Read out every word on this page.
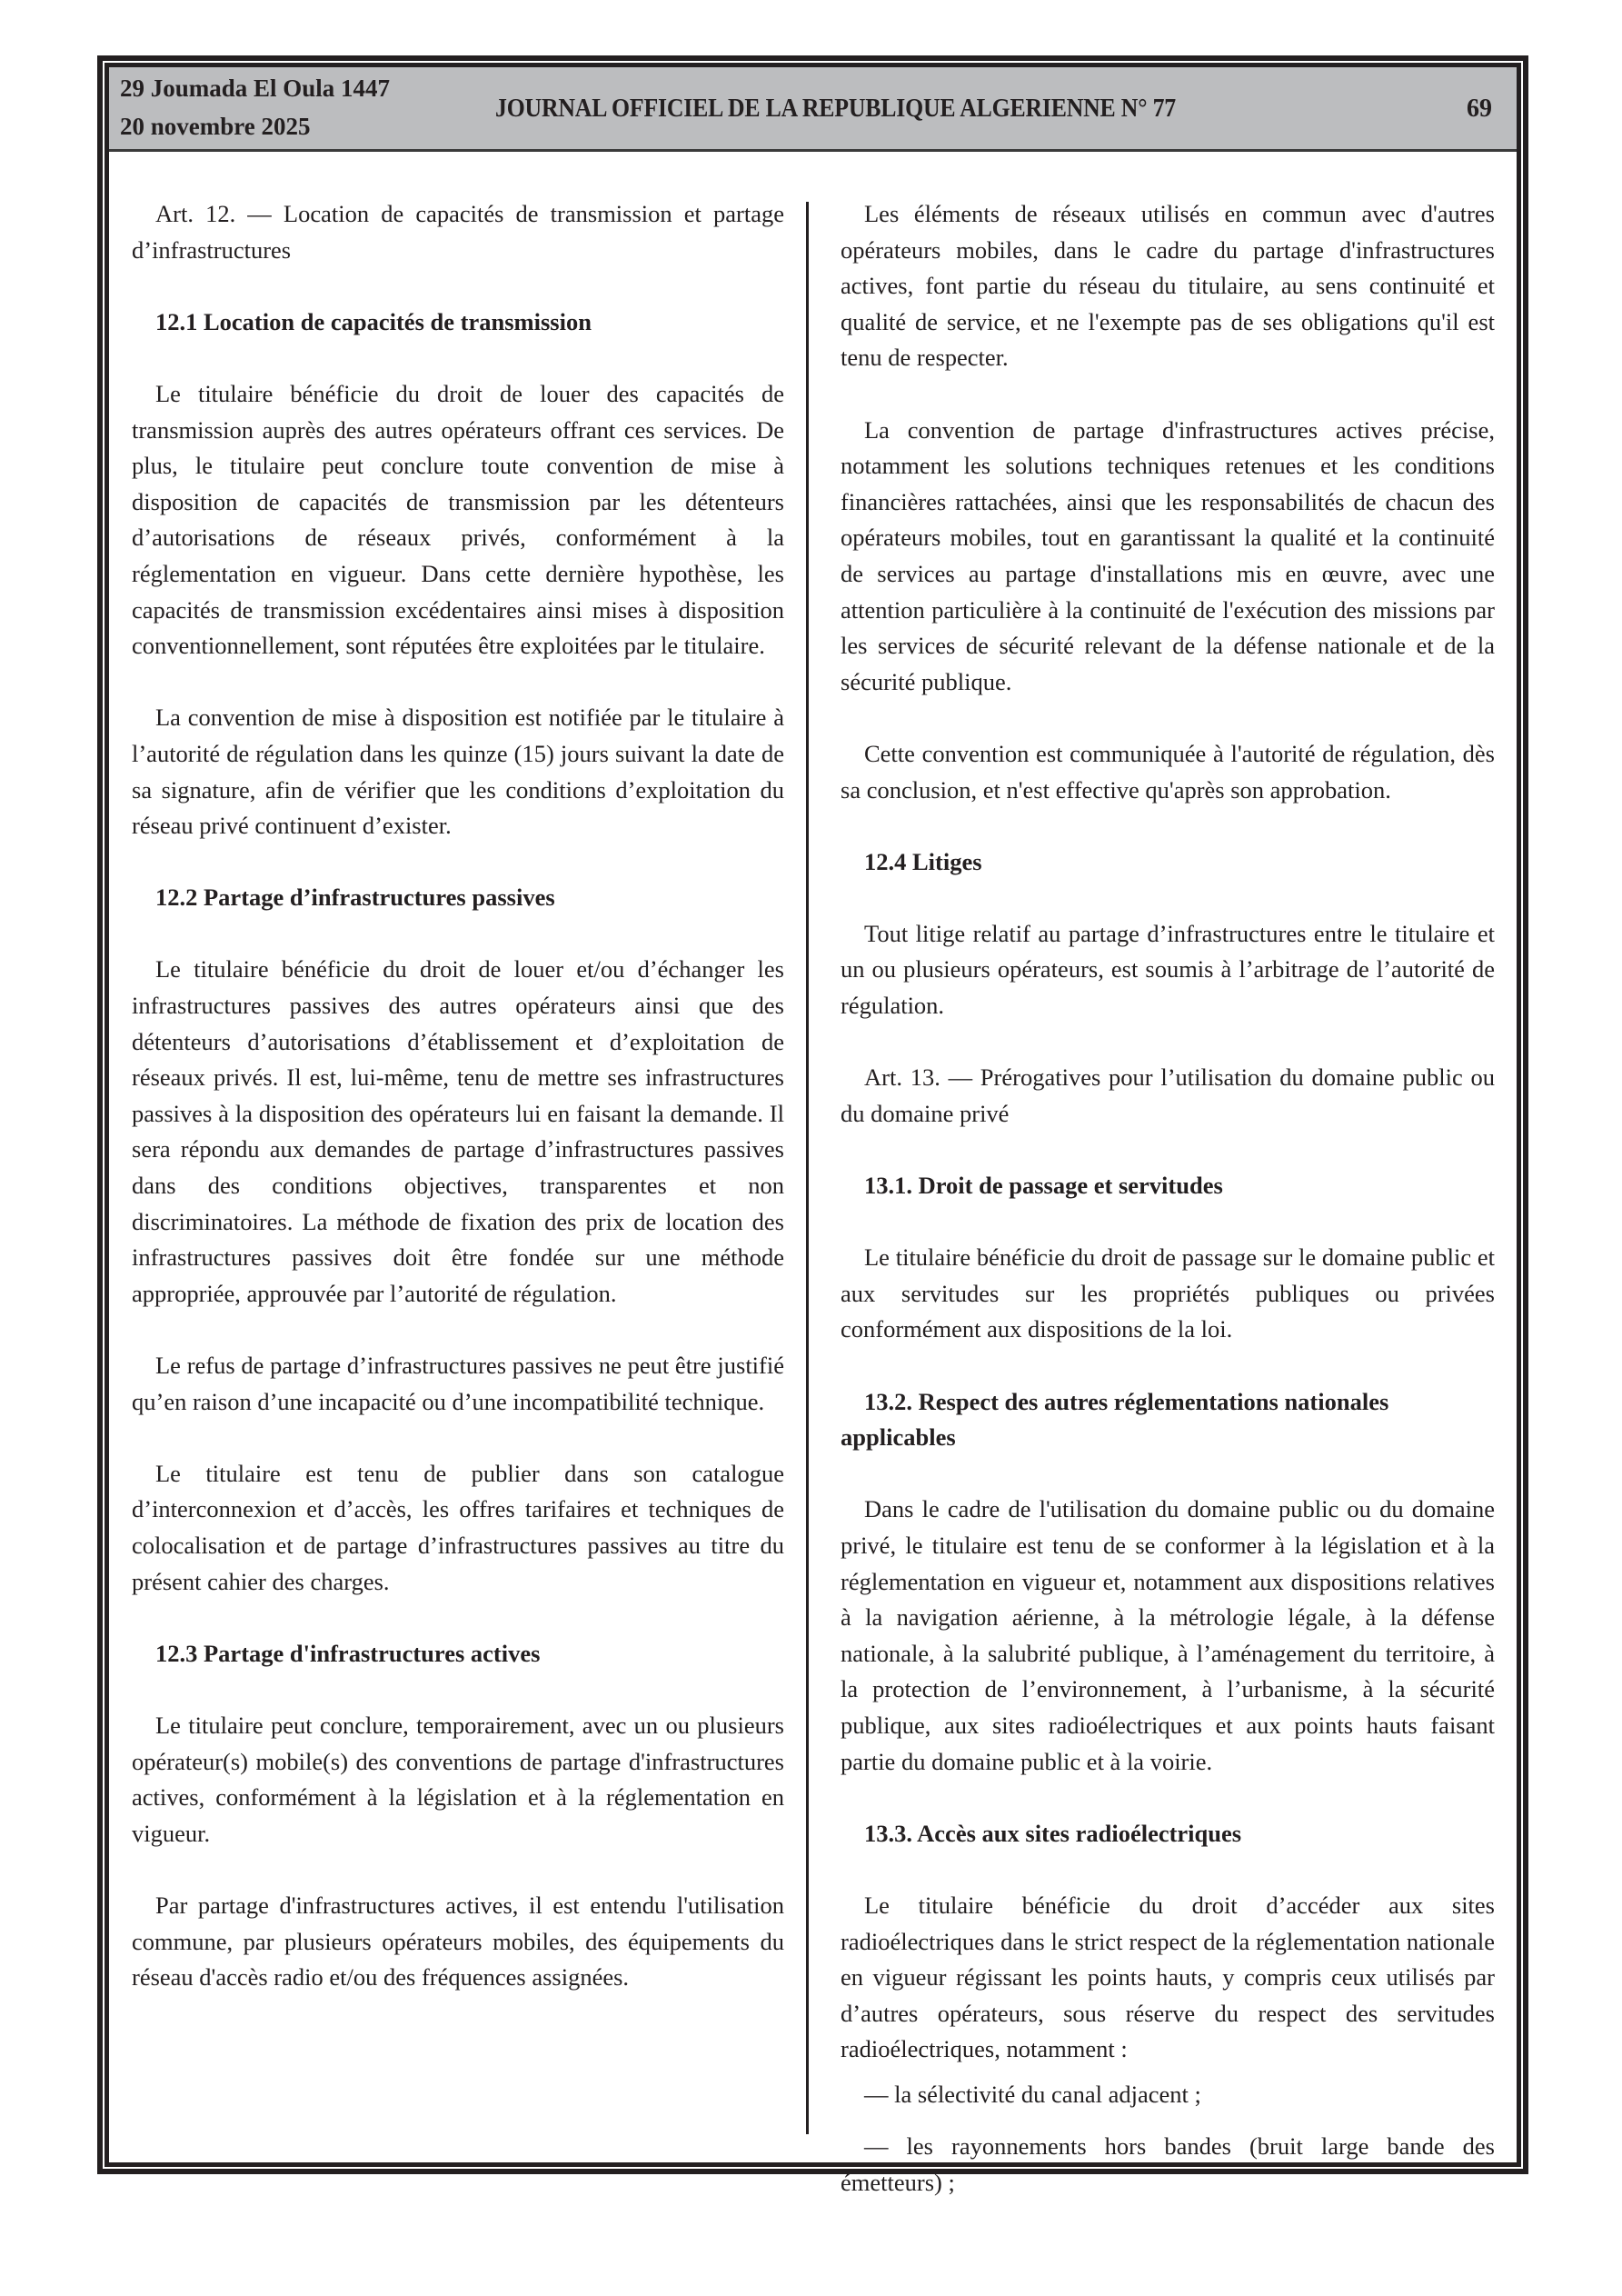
29 Joumada El Oula 1447
20 novembre 2025
JOURNAL OFFICIEL DE LA REPUBLIQUE ALGERIENNE N° 77	69

Art. 12. — Location de capacités de transmission et partage d’infrastructures

12.1 Location de capacités de transmission

Le titulaire bénéficie du droit de louer des capacités de transmission auprès des autres opérateurs offrant ces services. De plus, le titulaire peut conclure toute convention de mise à disposition de capacités de transmission par les détenteurs d’autorisations de réseaux privés, conformément à la réglementation en vigueur. Dans cette dernière hypothèse, les capacités de transmission excédentaires ainsi mises à disposition conventionnellement, sont réputées être exploitées par le titulaire.

La convention de mise à disposition est notifiée par le titulaire à l’autorité de régulation dans les quinze (15) jours suivant la date de sa signature, afin de vérifier que les conditions d’exploitation du réseau privé continuent d’exister.

12.2 Partage d’infrastructures passives

Le titulaire bénéficie du droit de louer et/ou d’échanger les infrastructures passives des autres opérateurs ainsi que des détenteurs d’autorisations d’établissement et d’exploitation de réseaux privés. Il est, lui-même, tenu de mettre ses infrastructures passives à la disposition des opérateurs lui en faisant la demande. Il sera répondu aux demandes de partage d’infrastructures passives dans des conditions objectives, transparentes et non discriminatoires. La méthode de fixation des prix de location des infrastructures passives doit être fondée sur une méthode appropriée, approuvée par l’autorité de régulation.

Le refus de partage d’infrastructures passives ne peut être justifié qu’en raison d’une incapacité ou d’une incompatibilité technique.

Le titulaire est tenu de publier dans son catalogue d’interconnexion et d’accès, les offres tarifaires et techniques de colocalisation et de partage d’infrastructures passives au titre du présent cahier des charges.

12.3 Partage d'infrastructures actives

Le titulaire peut conclure, temporairement, avec un ou plusieurs opérateur(s) mobile(s) des conventions de partage d'infrastructures actives, conformément à la législation et à la réglementation en vigueur.

Par partage d'infrastructures actives, il est entendu l'utilisation commune, par plusieurs opérateurs mobiles, des équipements du réseau d'accès radio et/ou des fréquences assignées.

Les éléments de réseaux utilisés en commun avec d'autres opérateurs mobiles, dans le cadre du partage d'infrastructures actives, font partie du réseau du titulaire, au sens continuité et qualité de service, et ne l'exempte pas de ses obligations qu'il est tenu de respecter.

La convention de partage d'infrastructures actives précise, notamment les solutions techniques retenues et les conditions financières rattachées, ainsi que les responsabilités de chacun des opérateurs mobiles, tout en garantissant la qualité et la continuité de services au partage d'installations mis en œuvre, avec une attention particulière à la continuité de l'exécution des missions par les services de sécurité relevant de la défense nationale et de la sécurité publique.

Cette convention est communiquée à l'autorité de régulation, dès sa conclusion, et n'est effective qu'après son approbation.

12.4 Litiges

Tout litige relatif au partage d’infrastructures entre le titulaire et un ou plusieurs opérateurs, est soumis à l’arbitrage de l’autorité de régulation.

Art. 13. — Prérogatives pour l’utilisation du domaine public ou du domaine privé

13.1. Droit de passage et servitudes

Le titulaire bénéficie du droit de passage sur le domaine public et aux servitudes sur les propriétés publiques ou privées conformément aux dispositions de la loi.

13.2. Respect des autres réglementations nationales applicables

Dans le cadre de l'utilisation du domaine public ou du domaine privé, le titulaire est tenu de se conformer à la législation et à la réglementation en vigueur et, notamment aux dispositions relatives à la navigation aérienne, à la métrologie légale, à la défense nationale, à la salubrité publique, à l’aménagement du territoire, à la protection de l’environnement, à l’urbanisme, à la sécurité publique, aux sites radioélectriques et aux points hauts faisant partie du domaine public et à la voirie.

13.3. Accès aux sites radioélectriques

Le titulaire bénéficie du droit d’accéder aux sites radioélectriques dans le strict respect de la réglementation nationale en vigueur régissant les points hauts, y compris ceux utilisés par d’autres opérateurs, sous réserve du respect des servitudes radioélectriques, notamment :

— la sélectivité du canal adjacent ;

— les rayonnements hors bandes (bruit large bande des émetteurs) ;
